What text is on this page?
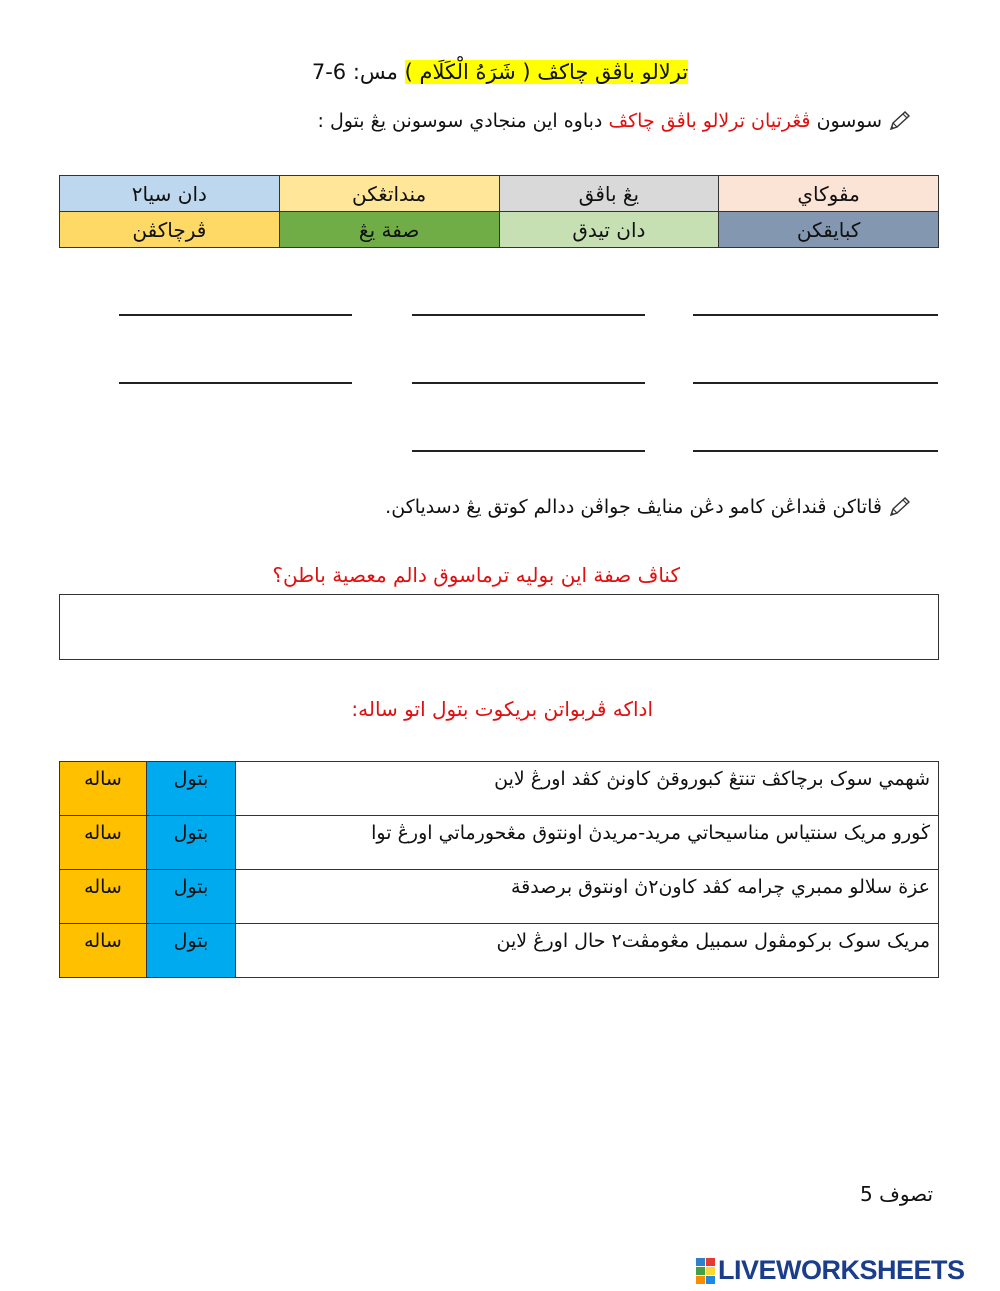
ترلالو باڤق چاکڤ ( شَرَهُ الْكَلَام ) مس: 6-7
سوسون ڤڠرتيان ترلالو باڤق چاکڤ دباوه اين منجادي سوسونن يڠ بتول :
مڤوكاي	يڠ باڤق	منداتڠكن	دان سيا٢
كبايقكن	دان تيدق	صفة يڠ	ڤرچاكڤن
ڤاتاكن ڤنداڠن كامو دڠن منايڤ جواڤن ددالم كوتق يڠ دسدياكن.
كناڤ صفة اين بوليه ترماسوق دالم معصية باطن؟
اداكه ڤربواتن بريكوت بتول اتو ساله:
شهمي سوک برچاکڤ تنتڠ كبوروقڽ كاونڽ كڤد اورڠ لاين	بتول	ساله
ڬورو مريک سنتياس مناسيحاتي مريد-مريدڽ اونتوق مڠحورماتي اورڠ توا	بتول	ساله
عزة سلالو ممبري چرامه كڤد كاون٢ڽ اونتوق برصدقة	بتول	ساله
مريک سوک بركومڤول سمبيل مڠومڤت٢ حال اورڠ لاين	بتول	ساله
تصوف 5
LIVEWORKSHEETS
